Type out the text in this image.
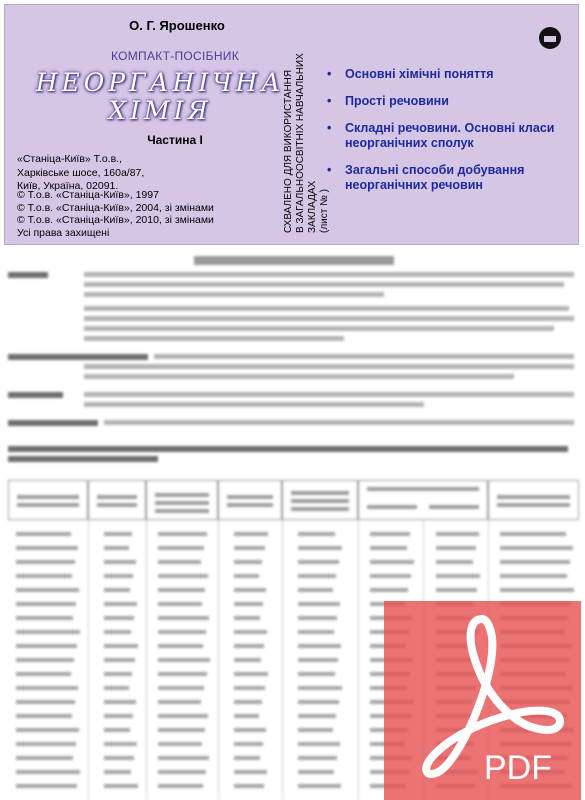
О. Г. Ярошенко
КОМПАКТ-ПОСІБНИК
НЕОРГАНІЧНА
ХІМІЯ
Частина І
«Станіца-Київ» Т.о.в.,
Харківське шосе, 160а/87,
Київ, Україна, 02091.
© Т.о.в. «Станіца-Київ», 1997
© Т.о.в. «Станіца-Київ», 2004, зі змінами
© Т.о.в. «Станіца-Київ», 2010, зі змінами
Усі права захищені	СХВАЛЕНО ДЛЯ ВИКОРИСТАННЯ В ЗАГАЛЬНООСВІТНІХ НАВЧАЛЬНИХ ЗАКЛАДАХ (лист № )
• Основні хімічні поняття
• Прості речовини
• Складні речовини. Основні класи неорганічних сполук
• Загальні способи добування неорганічних речовин
PDF
